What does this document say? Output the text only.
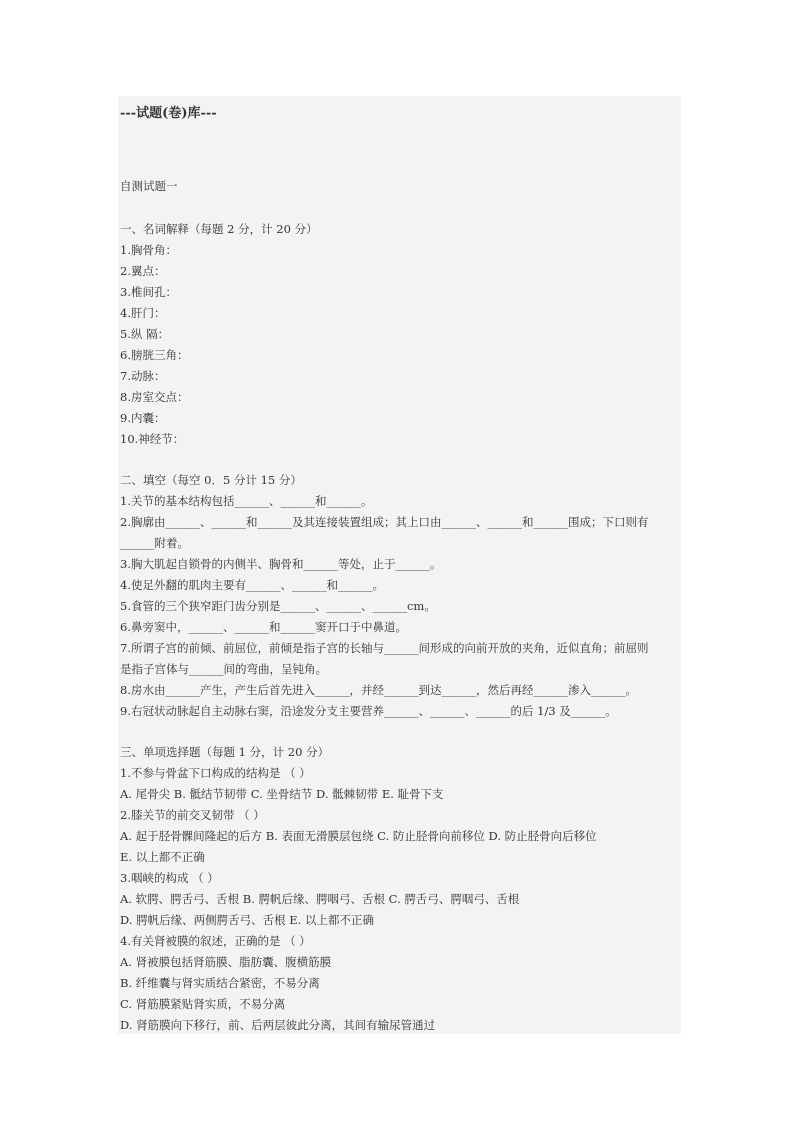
---试题(卷)库---
自测试题一
一、名词解释（每题 2 分，计 20 分）
1.胸骨角：
2.翼点：
3.椎间孔：
4.肝门：
5.纵 隔：
6.膀胱三角：
7.动脉：
8.房室交点：
9.内囊：
10.神经节：
二、填空（每空 0．5 分计 15 分）
1.关节的基本结构包括______、______和______。
2.胸廓由______、______和______及其连接装置组成；其上口由______、______和______围成；下口则有
______附着。
3.胸大肌起自锁骨的内侧半、胸骨和______等处，止于______。
4.使足外翻的肌肉主要有______、______和______。
5.食管的三个狭窄距门齿分别是______、______、______cm。
6.鼻旁窦中，______、______和______窦开口于中鼻道。
7.所谓子宫的前倾、前屈位，前倾是指子宫的长轴与______间形成的向前开放的夹角，近似直角；前屈则
是指子宫体与______间的弯曲，呈钝角。
8.房水由______产生，产生后首先进入______，并经______到达______，然后再经______渗入______。
9.右冠状动脉起自主动脉右窦，沿途发分支主要营养______、______、______的后 1/3 及______。
三、单项选择题（每题 1 分，计 20 分）
1.不参与骨盆下口构成的结构是 （ ）
A. 尾骨尖 B. 骶结节韧带 C. 坐骨结节 D. 骶棘韧带 E. 耻骨下支
2.膝关节的前交叉韧带 （ ）
A. 起于胫骨髁间隆起的后方 B. 表面无滑膜层包绕 C. 防止胫骨向前移位 D. 防止胫骨向后移位
E. 以上都不正确
3.咽峡的构成 （ ）
A. 软腭、腭舌弓、舌根 B. 腭帆后缘、腭咽弓、舌根 C. 腭舌弓、腭咽弓、舌根
D. 腭帆后缘、两侧腭舌弓、舌根 E. 以上都不正确
4.有关肾被膜的叙述，正确的是 （ ）
A. 肾被膜包括肾筋膜、脂肪囊、腹横筋膜
B. 纤维囊与肾实质结合紧密，不易分离
C. 肾筋膜紧贴肾实质，不易分离
D. 肾筋膜向下移行，前、后两层彼此分离，其间有输尿管通过
